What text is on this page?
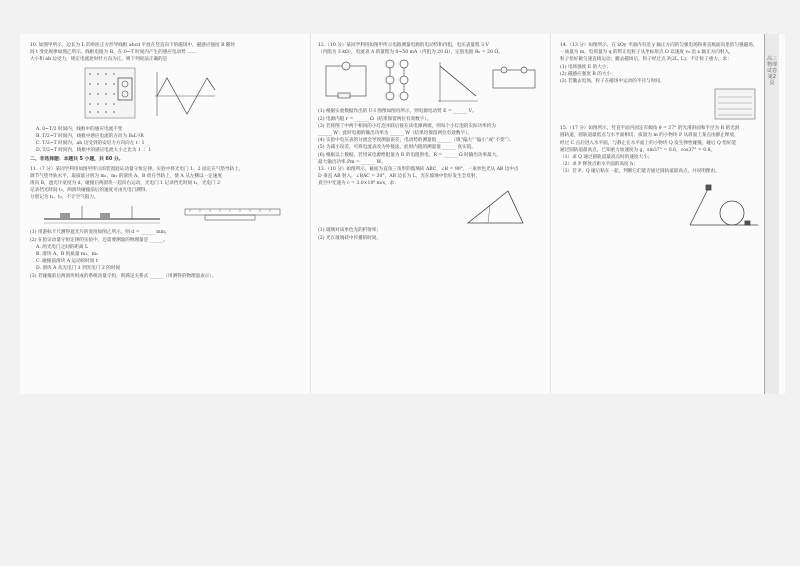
10. 如图甲所示，边长为 L 的单匝正方形导线框 abcd 平放在竖直向下的磁场中，磁感应强度 B 随时
间 t 变化规律如图乙所示，线框电阻为 R，在 0~T 时间内产生的感应电动势 ……
大小和 ab 边受力，规定电流逆时针方向为正，则下列说法正确的是
A. 0~T/2 时间内，线框中的感应电流不变
B. T/2~T 时间内，线框中感应电流的方向为 B₀L²/R
C. T/2~T 时间内，ab 边受到的安培力方向向左 t ∶ 1
D. T/2~T 时间内，线框中的感应电流大小之比为 1 ∶ 1
二、非选择题：本题共 5 小题，共 60 分。
11.（7 分）某同学利用如图甲所示的装置验证动量守恒定律。实验中将光电门 1、2 固定在气垫导轨上，
调节气垫导轨水平，取质量分别为 m₁、m₂ 的滑块 A、B 放在导轨上，使 A 从左侧以一定速度
滑向 B，遮光片宽度为 d，碰撞后两滑块一起向右运动，光电门 1 记录挡光时间 t₁，光电门 2
记录挡光时间 t₂，两滑块碰撞前后的速度可由光电门测得。
分别记为 t₁、t₂，不计空气阻力。
(1) 用游标卡尺测得遮光片的宽度如图乙所示，则 d = ______ mm。
(2) 在验证动量守恒定律的实验中，还需要测量的物理量是 ______。
A. 两光电门之间的距离 L
B. 滑块 A、B 的质量 m₁、m₂
C. 碰撞前滑块 A 运动的时间 t
D. 滑块 A 从光电门 1 到光电门 2 的时间
(3) 若碰撞前后两滑块组成的系统动量守恒，则满足关系式 ______（用测得的物理量表示）。
12.（10 分）某同学利用如图甲所示电路测量电源的电动势和内阻，电压表量程 3 V
（内阻为 3 kΩ），电流表 A 的量程为 0~50 mA（内阻为 20 Ω），定值电阻 R₀ = 20 Ω。
(1) 根据实验数据作出的 U-I 图像如图丙所示，则电源电动势 E = ______ V。
(2) 电源内阻 r = ______ Ω（结果保留两位有效数字）。
(3) 若将图丁中两个相同的小灯泡并联后接在该电源两端，则每个小灯泡的实际功率约为
______ W；此时电源的输出功率为 ______ W（结果均保留两位有效数字）。
(4) 实验中电压表的分流会导致测量误差，电动势的测量值 ______（填“偏大”“偏小”或“不变”）。
(5) 为减小误差，可将电流表改为外接法，此时内阻的测量值 ______ 真实值。
(6) 根据以上数据，若用该电源给阻值为 R 的电阻供电，R = ______ Ω 时输出功率最大，
最大输出功率 Pm = ______ W。
13.（10 分）如图所示，截面为直角三角形的玻璃砖 ABC，∠B = 90°，一束单色光从 AB 边中点
D 垂直 AB 射入，∠BAC = 30°，AB 边长为 L，光在玻璃中恰好发生全反射，
真空中光速为 c = 3.0×10⁸ m/s，求：
(1) 玻璃对该单色光的折射率；
(2) 光在玻璃砖中传播的时间。
14.（13 分）如图所示，在 xOy 平面内有沿 y 轴正方向的匀强电场和垂直纸面向里的匀强磁场，
一质量为 m、电荷量为 q 的带正电粒子从坐标原点 O 以速度 v₀ 沿 x 轴正方向射入，
粒子恰好做匀速直线运动；撤去磁场后，粒子经过点 P(2L, L)，不计粒子重力，求：
(1) 电场强度 E 的大小；
(2) 磁感应强度 B 的大小；
(3) 若撤去电场，粒子在磁场中运动的半径与时间。
15.（17 分）如图所示，竖直平面内固定有倾角 θ = 37° 的光滑斜面和半径为 R 的光滑
圆轨道，圆轨道最低点与水平面相切，质量为 m 的小物块 P 从斜面上某点由静止释放，
经过 C 点后进入水平面，与静止在水平面上的小物块 Q 发生弹性碰撞，碰后 Q 恰好能
通过圆轨道最高点，已知重力加速度为 g，sin37° = 0.6，cos37° = 0.8。
（1）求 Q 通过圆轨道最高点时的速度大小；
（2）求 P 释放点距水平面的高度 h；
（3）若 P、Q 碰后粘在一起，判断它们能否通过圆轨道最高点，并说明理由。
高三物理试卷第2页
